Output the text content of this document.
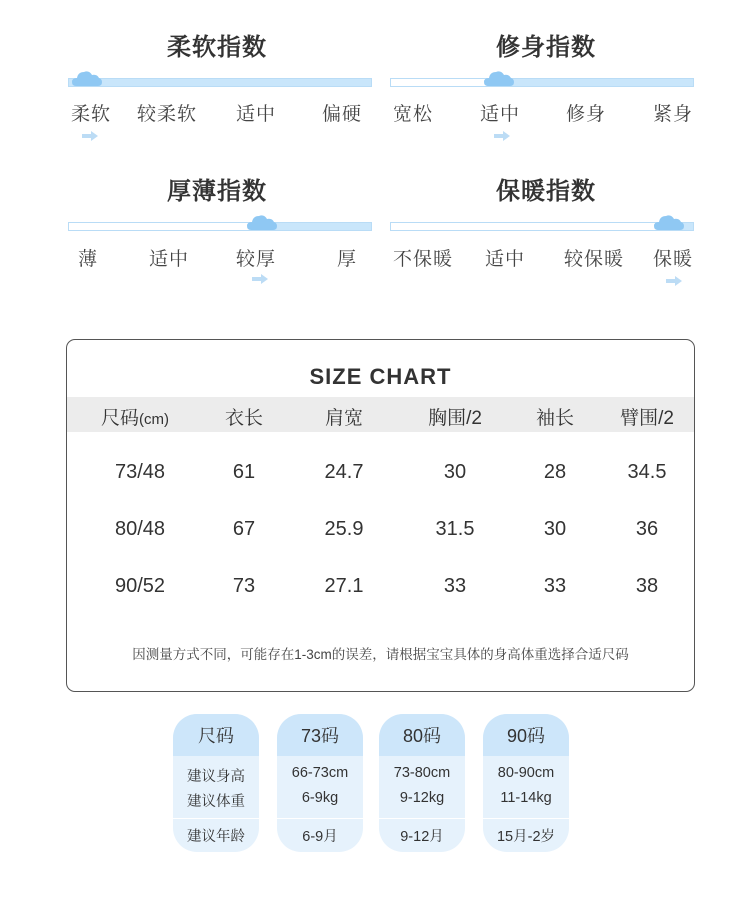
柔软指数
柔软 较柔软 适中 偏硬
修身指数
宽松 适中 修身 紧身
厚薄指数
薄	适中 较厚	厚
保暖指数
不保暖 适中 较保暖 保暖
SIZE CHART
尺码(cm)	衣长	肩宽	胸围/2	袖长	臂围/2
73/48	61	24.7	30	28	34.5
80/48	67	25.9	31.5	30	36
90/52	73	27.1	33	33	38
因测量方式不同，可能存在1-3cm的误差，请根据宝宝具体的身高体重选择合适尺码
尺码
建议身高
建议体重
建议年龄
73码
66-73cm
6-9kg
6-9月
80码
73-80cm
9-12kg
9-12月
90码
80-90cm
11-14kg
15月-2岁
